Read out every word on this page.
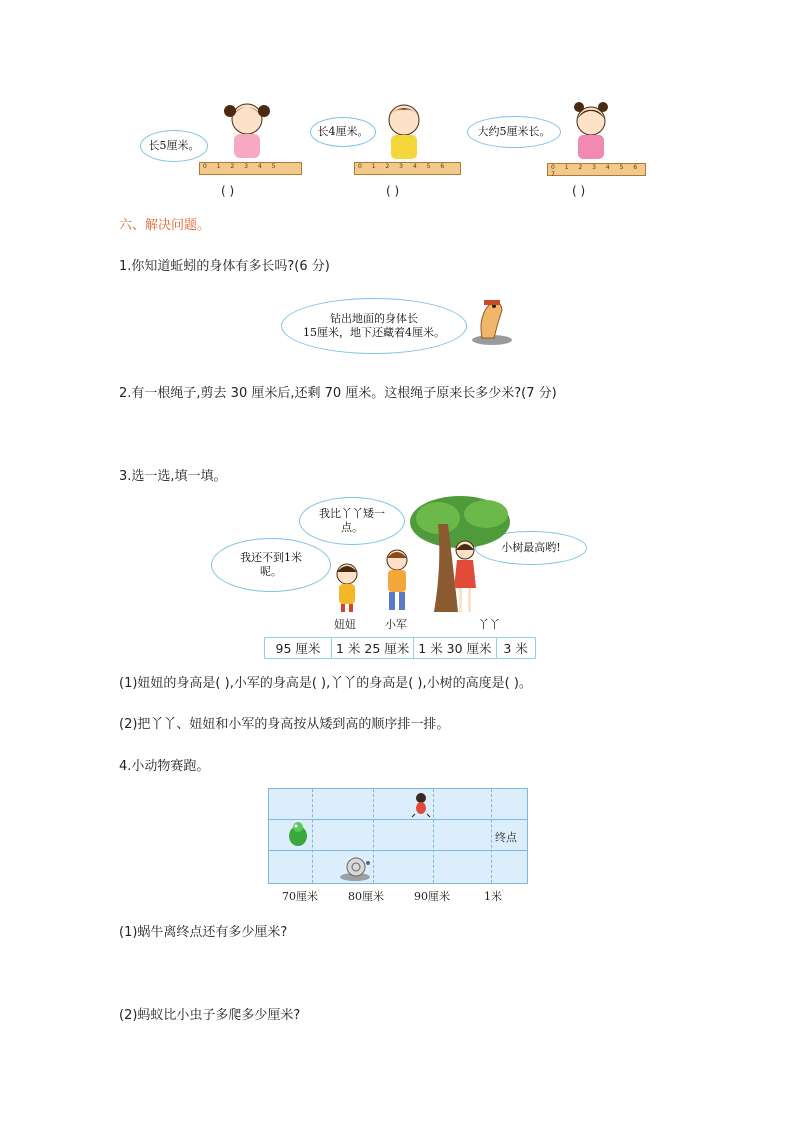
长5厘米。
0 1 2 3 4 5
( )
长4厘米。
0 1 2 3 4 5 6
( )
大约5厘米长。
0 1 2 3 4 5 6 7
( )
六、解决问题。
1.你知道蚯蚓的身体有多长吗?(6 分)
钻出地面的身体长
15厘米，地下还藏着4厘米。
2.有一根绳子,剪去 30 厘米后,还剩 70 厘米。这根绳子原来长多少米?(7 分)
3.选一选,填一填。
我还不到1米呢。
我比丫丫矮一点。
小树最高哟!
妞妞	小军	丫丫
95 厘米	1 米 25 厘米	1 米 30 厘米	3 米
(1)妞妞的身高是( ),小军的身高是( ),丫丫的身高是( ),小树的高度是( )。
(2)把丫丫、妞妞和小军的身高按从矮到高的顺序排一排。
4.小动物赛跑。
终点
70厘米	80厘米	90厘米	1米
(1)蜗牛离终点还有多少厘米?
(2)蚂蚁比小虫子多爬多少厘米?
